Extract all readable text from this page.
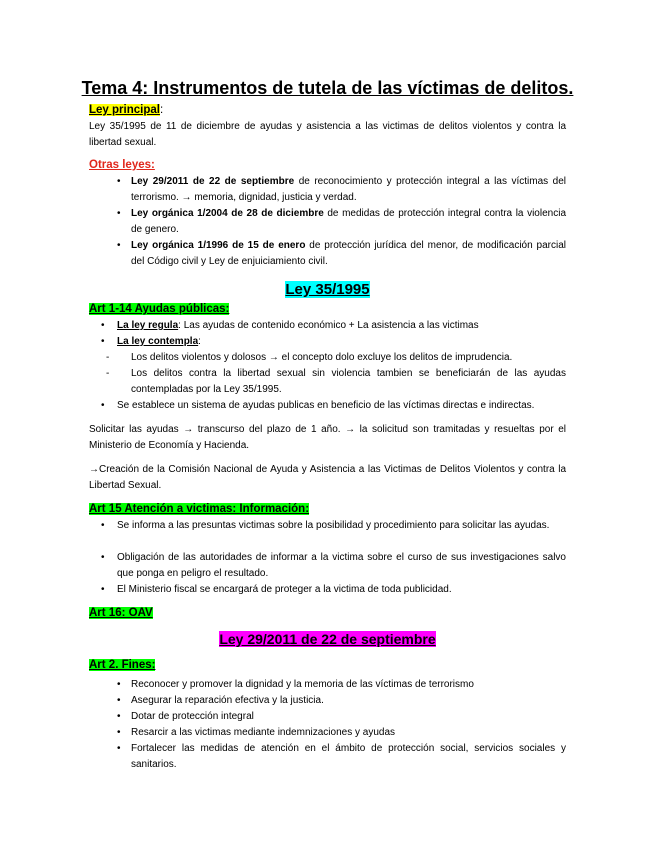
Tema 4: Instrumentos de tutela de las víctimas de delitos.
Ley principal:

Ley 35/1995 de 11 de diciembre de ayudas y asistencia a las victimas de delitos violentos y contra la libertad sexual.

Otras leyes:
• Ley 29/2011 de 22 de septiembre de reconocimiento y protección integral a las víctimas del terrorismo. → memoria, dignidad, justicia y verdad.

• Ley orgánica 1/2004 de 28 de diciembre de medidas de protección integral contra la violencia de genero.

• Ley orgánica 1/1996 de 15 de enero de protección jurídica del menor, de modificación parcial del Código civil y Ley de enjuiciamiento civil.

Ley 35/1995
Art 1-14 Ayudas públicas:
• La ley regula: Las ayudas de contenido económico + La asistencia a las victimas

• La ley contempla:

- Los delitos violentos y dolosos → el concepto dolo excluye los delitos de imprudencia.

- Los delitos contra la libertad sexual sin violencia tambien se beneficiarán de las ayudas contempladas por la Ley 35/1995.

• Se establece un sistema de ayudas publicas en beneficio de las víctimas directas e indirectas.

Solicitar las ayudas → transcurso del plazo de 1 año. → la solicitud son tramitadas y resueltas por el Ministerio de Economía y Hacienda.

→Creación de la Comisión Nacional de Ayuda y Asistencia a las Victimas de Delitos Violentos y contra la Libertad Sexual.

Art 15 Atención a victimas: Información:
• Se informa a las presuntas victimas sobre la posibilidad y procedimiento para solicitar las ayudas.

• Obligación de las autoridades de informar a la victima sobre el curso de sus investigaciones salvo que ponga en peligro el resultado.

• El Ministerio fiscal se encargará de proteger a la victima de toda publicidad.

Art 16: OAV
Ley 29/2011 de 22 de septiembre
Art 2. Fines:
• Reconocer y promover la dignidad y la memoria de las víctimas de terrorismo

• Asegurar la reparación efectiva y la justicia.

• Dotar de protección integral

• Resarcir a las victimas mediante indemnizaciones y ayudas

• Fortalecer las medidas de atención en el ámbito de protección social, servicios sociales y sanitarios.
